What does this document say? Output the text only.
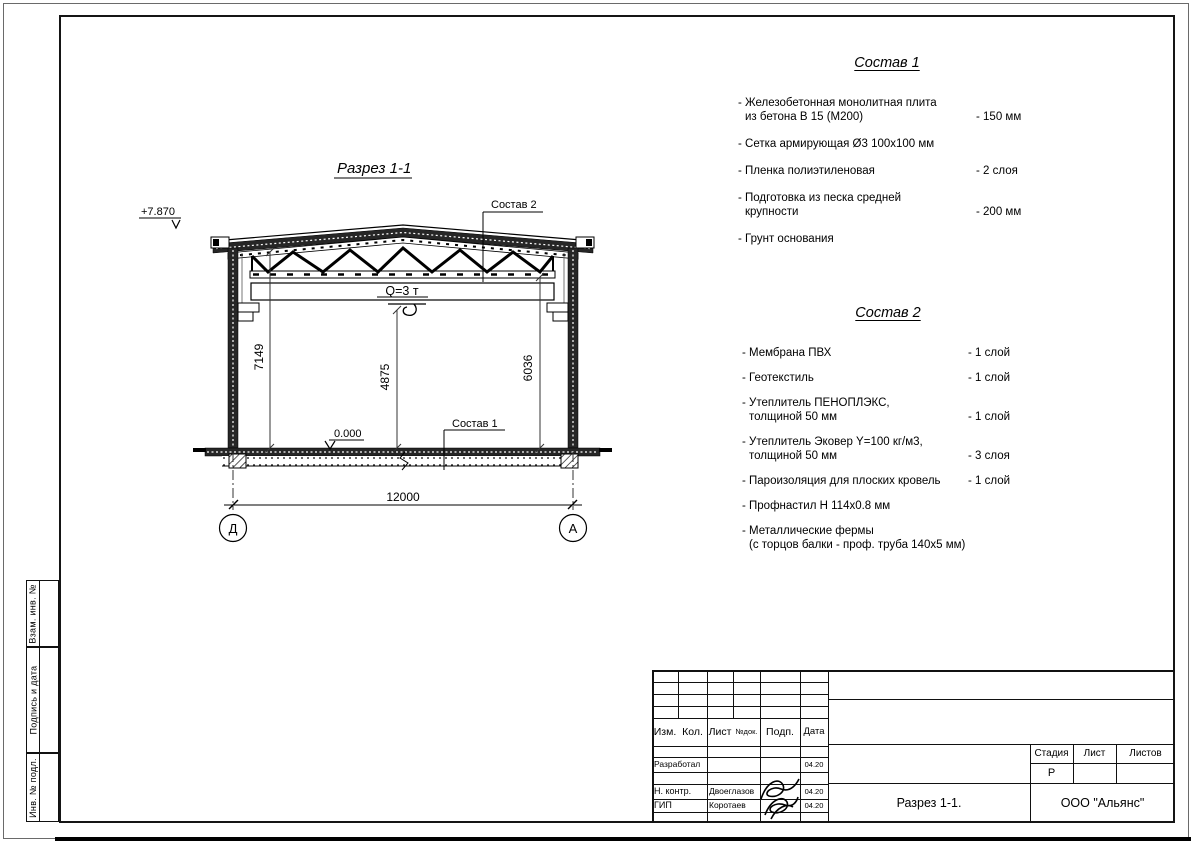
Разрез 1-1
+7.870
Q=3 т
7149
4875	6036
0.000
Состав 1
Состав 2
12000
Д	А
Состав 1
- Железобетонная монолитная плита
из бетона В 15 (М200)	- 150 мм
- Сетка армирующая Ø3 100х100 мм
- Пленка полиэтиленовая	- 2 слоя
- Подготовка из песка средней
крупности	- 200 мм
- Грунт основания
Состав 2
- Мембрана ПВХ	- 1 слой
- Геотекстиль	- 1 слой
- Утеплитель ПЕНОПЛЭКС,
толщиной 50 мм	- 1 слой
- Утеплитель Эковер Y=100 кг/м3,
толщиной 50 мм	- 3 слоя
- Пароизоляция для плоских кровель	- 1 слой
- Профнастил Н 114х0.8 мм
- Металлические фермы
(с торцов балки - проф. труба 140х5 мм)
Взам. инв. №
Подпись и дата
Инв. № подл.
Изм. Кол. Лист №док. Подп.	Дата
Разработал	04.20
Н. контр.	Двоеглазов	04.20
ГИП	Коротаев	04.20
Стадия	Лист	Листов
Р
Разрез 1-1.	ООО "Альянс"
